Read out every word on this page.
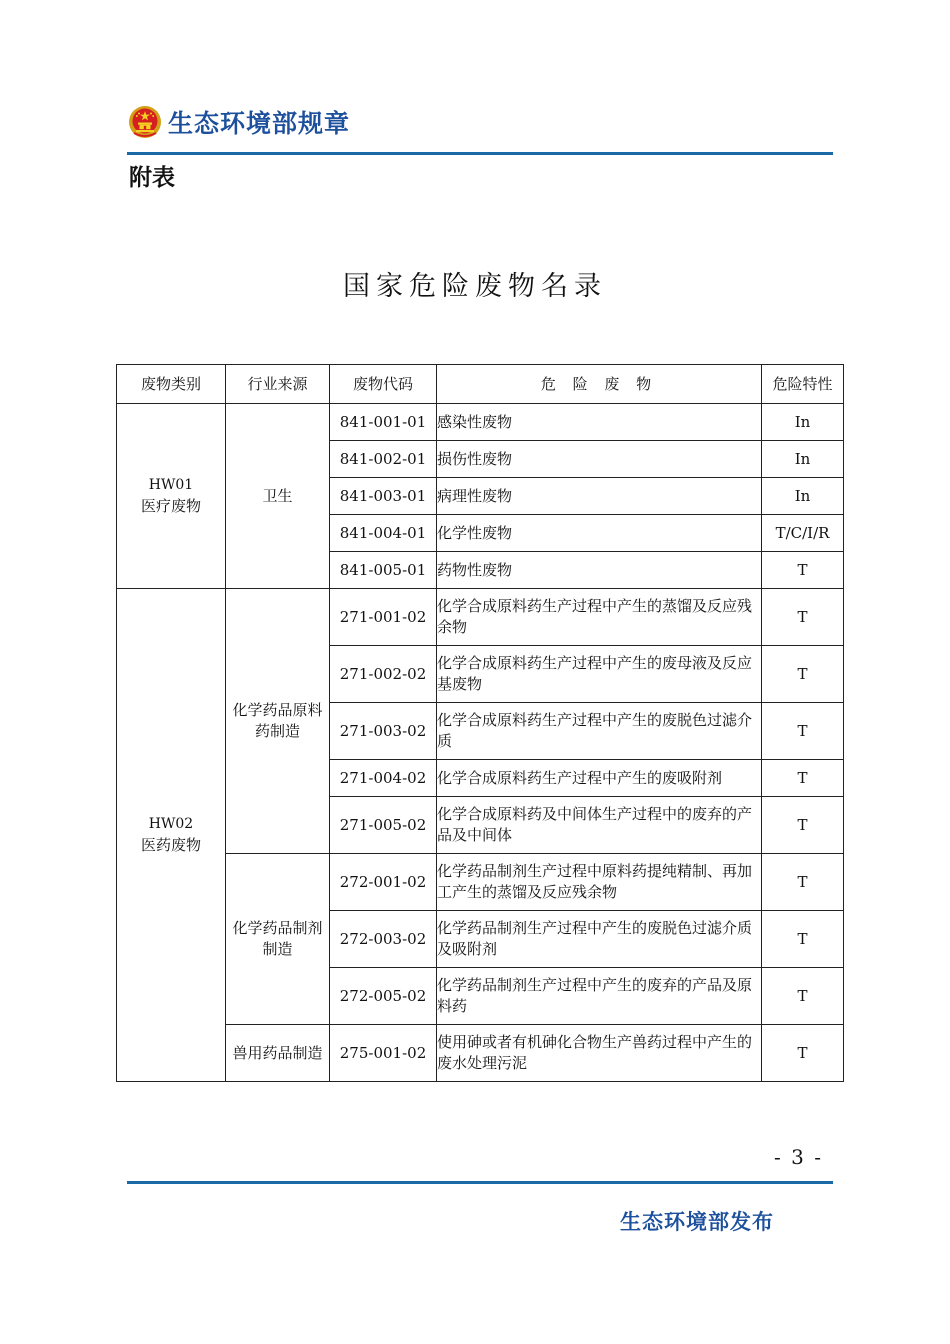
生态环境部规章
附表
国家危险废物名录
废物类别	行业来源	废物代码	危 险 废 物	危险特性

HW01
医疗废物	卫生	841-001-01	感染性废物	In
		841-002-01	损伤性废物	In
		841-003-01	病理性废物	In
		841-004-01	化学性废物	T/C/I/R
		841-005-01	药物性废物	T

HW02
医药废物	化学药品原料药制造	271-001-02	化学合成原料药生产过程中产生的蒸馏及反应残余物	T
		271-002-02	化学合成原料药生产过程中产生的废母液及反应基废物	T
		271-003-02	化学合成原料药生产过程中产生的废脱色过滤介质	T
		271-004-02	化学合成原料药生产过程中产生的废吸附剂	T
		271-005-02	化学合成原料药及中间体生产过程中的废弃的产品及中间体	T
	化学药品制剂制造	272-001-02	化学药品制剂生产过程中原料药提纯精制、再加工产生的蒸馏及反应残余物	T
		272-003-02	化学药品制剂生产过程中产生的废脱色过滤介质及吸附剂	T
		272-005-02	化学药品制剂生产过程中产生的废弃的产品及原料药	T
	兽用药品制造	275-001-02	使用砷或者有机砷化合物生产兽药过程中产生的废水处理污泥	T
- 3 -
生态环境部发布
